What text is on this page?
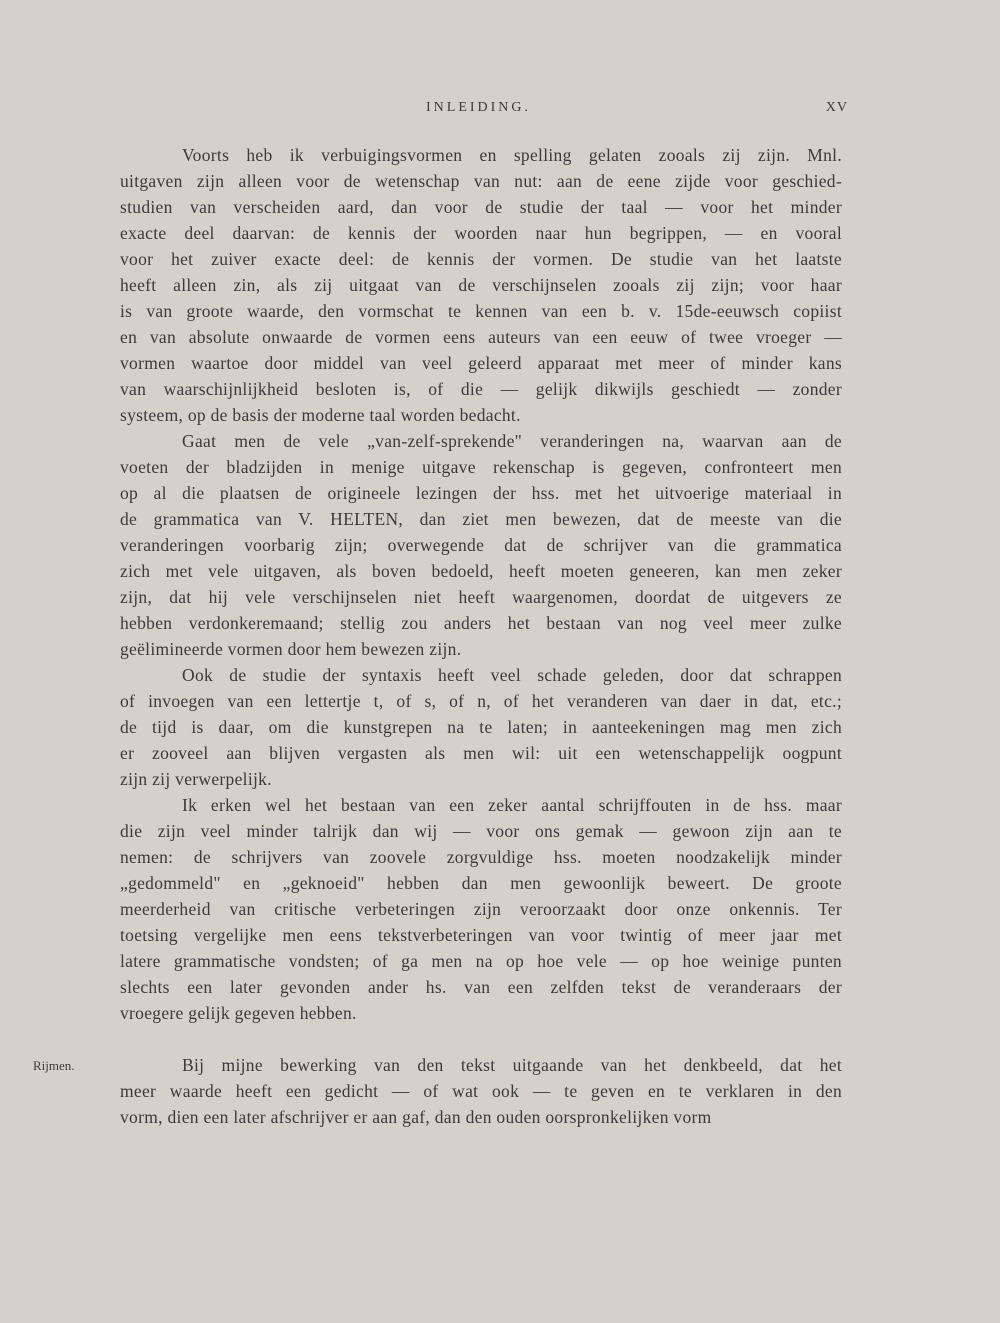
INLEIDING.	XV
Rijmen.

Voorts heb ik verbuigingsvormen en spelling gelaten zooals zij zijn. Mnl.
uitgaven zijn alleen voor de wetenschap van nut: aan de eene zijde voor geschied-
studien van verscheiden aard, dan voor de studie der taal — voor het minder
exacte deel daarvan: de kennis der woorden naar hun begrippen, — en vooral
voor het zuiver exacte deel: de kennis der vormen. De studie van het laatste
heeft alleen zin, als zij uitgaat van de verschijnselen zooals zij zijn; voor haar
is van groote waarde, den vormschat te kennen van een b. v. 15de-eeuwsch copiist
en van absolute onwaarde de vormen eens auteurs van een eeuw of twee vroeger —
vormen waartoe door middel van veel geleerd apparaat met meer of minder kans
van waarschijnlijkheid besloten is, of die — gelijk dikwijls geschiedt — zonder
systeem, op de basis der moderne taal worden bedacht.

Gaat men de vele „van-zelf-sprekende" veranderingen na, waarvan aan de
voeten der bladzijden in menige uitgave rekenschap is gegeven, confronteert men
op al die plaatsen de origineele lezingen der hss. met het uitvoerige materiaal in
de grammatica van V. HELTEN, dan ziet men bewezen, dat de meeste van die
veranderingen voorbarig zijn; overwegende dat de schrijver van die grammatica
zich met vele uitgaven, als boven bedoeld, heeft moeten geneeren, kan men zeker
zijn, dat hij vele verschijnselen niet heeft waargenomen, doordat de uitgevers ze
hebben verdonkeremaand; stellig zou anders het bestaan van nog veel meer zulke
geëlimineerde vormen door hem bewezen zijn.

Ook de studie der syntaxis heeft veel schade geleden, door dat schrappen
of invoegen van een lettertje t, of s, of n, of het veranderen van daer in dat, etc.;
de tijd is daar, om die kunstgrepen na te laten; in aanteekeningen mag men zich
er zooveel aan blijven vergasten als men wil: uit een wetenschappelijk oogpunt
zijn zij verwerpelijk.

Ik erken wel het bestaan van een zeker aantal schrijffouten in de hss. maar
die zijn veel minder talrijk dan wij — voor ons gemak — gewoon zijn aan te
nemen: de schrijvers van zoovele zorgvuldige hss. moeten noodzakelijk minder
„gedommeld" en „geknoeid" hebben dan men gewoonlijk beweert. De groote
meerderheid van critische verbeteringen zijn veroorzaakt door onze onkennis. Ter
toetsing vergelijke men eens tekstverbeteringen van voor twintig of meer jaar met
latere grammatische vondsten; of ga men na op hoe vele — op hoe weinige punten
slechts een later gevonden ander hs. van een zelfden tekst de veranderaars der
vroegere gelijk gegeven hebben.

Bij mijne bewerking van den tekst uitgaande van het denkbeeld, dat het
meer waarde heeft een gedicht — of wat ook — te geven en te verklaren in den
vorm, dien een later afschrijver er aan gaf, dan den ouden oorspronkelijken vorm
